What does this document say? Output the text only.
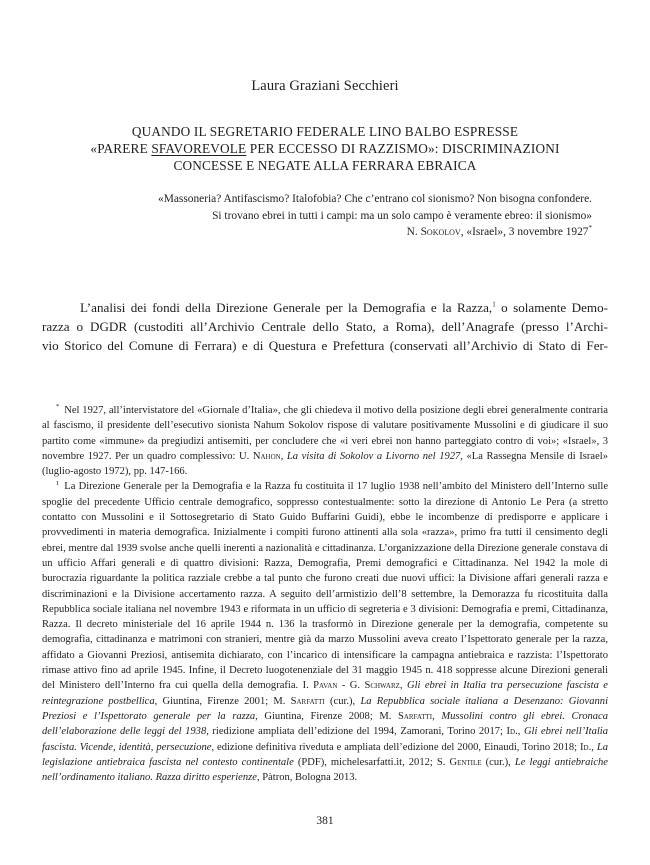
Laura Graziani Secchieri
QUANDO IL SEGRETARIO FEDERALE LINO BALBO ESPRESSE
«PARERE SFAVOREVOLE PER ECCESSO DI RAZZISMO»: DISCRIMINAZIONI
CONCESSE E NEGATE ALLA FERRARA EBRAICA
«Massoneria? Antifascismo? Italofobia? Che c’entrano col sionismo? Non bisogna confondere.
Si trovano ebrei in tutti i campi: ma un solo campo è veramente ebreo: il sionismo»
N. Sokolov, «Israel», 3 novembre 1927*
L’analisi dei fondi della Direzione Generale per la Demografia e la Razza,$^1$ o solamente Demo-
razza o DGDR (custoditi all’Archivio Centrale dello Stato, a Roma), dell’Anagrafe (presso l’Archi-
vio Storico del Comune di Ferrara) e di Questura e Prefettura (conservati all’Archivio di Stato di Fer-

* Nel 1927, all’intervistatore del «Giornale d’Italia», che gli chiedeva il motivo della posizione degli ebrei generalmente contraria al fascismo, il presidente dell’esecutivo sionista Nahum Sokolov rispose di valutare positivamente Mussolini e di giudicare il suo partito come «immune» da pregiudizi antisemiti, per concludere che «i veri ebrei non hanno parteggiato contro di voi»; «Israel», 3 novembre 1927. Per un quadro complessivo: U. Nahon, La visita di Sokolov a Livorno nel 1927, «La Rassegna Mensile di Israel» (luglio-agosto 1972), pp. 147-166.

$^1$ La Direzione Generale per la Demografia e la Razza fu costituita il 17 luglio 1938 nell’ambito del Ministero dell’Interno sulle spoglie del precedente Ufficio centrale demografico, soppresso contestualmente: sotto la direzione di Antonio Le Pera (a stretto contatto con Mussolini e il Sottosegretario di Stato Guido Buffarini Guidi), ebbe le incombenze di predisporre e applicare i provvedimenti in materia demografica. Inizialmente i compiti furono attinenti alla sola «razza», primo fra tutti il censimento degli ebrei, mentre dal 1939 svolse anche quelli inerenti a nazionalità e cittadinanza. L’organizzazione della Direzione generale constava di un ufficio Affari generali e di quattro divisioni: Razza, Demografia, Premi demografici e Cittadinanza. Nel 1942 la mole di burocrazia riguardante la politica razziale crebbe a tal punto che furono creati due nuovi uffici: la Divisione affari generali razza e discriminazioni e la Divisione accertamento razza. A seguito dell’armistizio dell’8 settembre, la Demorazza fu ricostituita dalla Repubblica sociale italiana nel novembre 1943 e riformata in un ufficio di segreteria e 3 divisioni: Demografia e premi, Cittadinanza, Razza. Il decreto ministeriale del 16 aprile 1944 n. 136 la trasformò in Direzione generale per la demografia, competente su demografia, cittadinanza e matrimoni con stranieri, mentre già da marzo Mussolini aveva creato l’Ispettorato generale per la razza, affidato a Giovanni Preziosi, antisemita dichiarato, con l’incarico di intensificare la campagna antiebraica e razzista: l’Ispettorato rimase attivo fino ad aprile 1945. Infine, il Decreto luogotenenziale del 31 maggio 1945 n. 418 soppresse alcune Direzioni generali del Ministero dell’Interno fra cui quella della demografia. I. Pavan - G. Schwarz, Gli ebrei in Italia tra persecuzione fascista e reintegrazione postbellica, Giuntina, Firenze 2001; M. Sarfatti (cur.), La Repubblica sociale italiana a Desenzano: Giovanni Preziosi e l’Ispettorato generale per la razza, Giuntina, Firenze 2008; M. Sarfatti, Mussolini contro gli ebrei. Cronaca dell’elaborazione delle leggi del 1938, riedizione ampliata dell’edizione del 1994, Zamorani, Torino 2017; Id., Gli ebrei nell’Italia fascista. Vicende, identità, persecuzione, edizione definitiva riveduta e ampliata dell’edizione del 2000, Einaudi, Torino 2018; Id., La legislazione antiebraica fascista nel contesto continentale (PDF), michelesarfatti.it, 2012; S. Gentile (cur.), Le leggi antiebraiche nell’ordinamento italiano. Razza diritto esperienze, Pàtron, Bologna 2013.

381
